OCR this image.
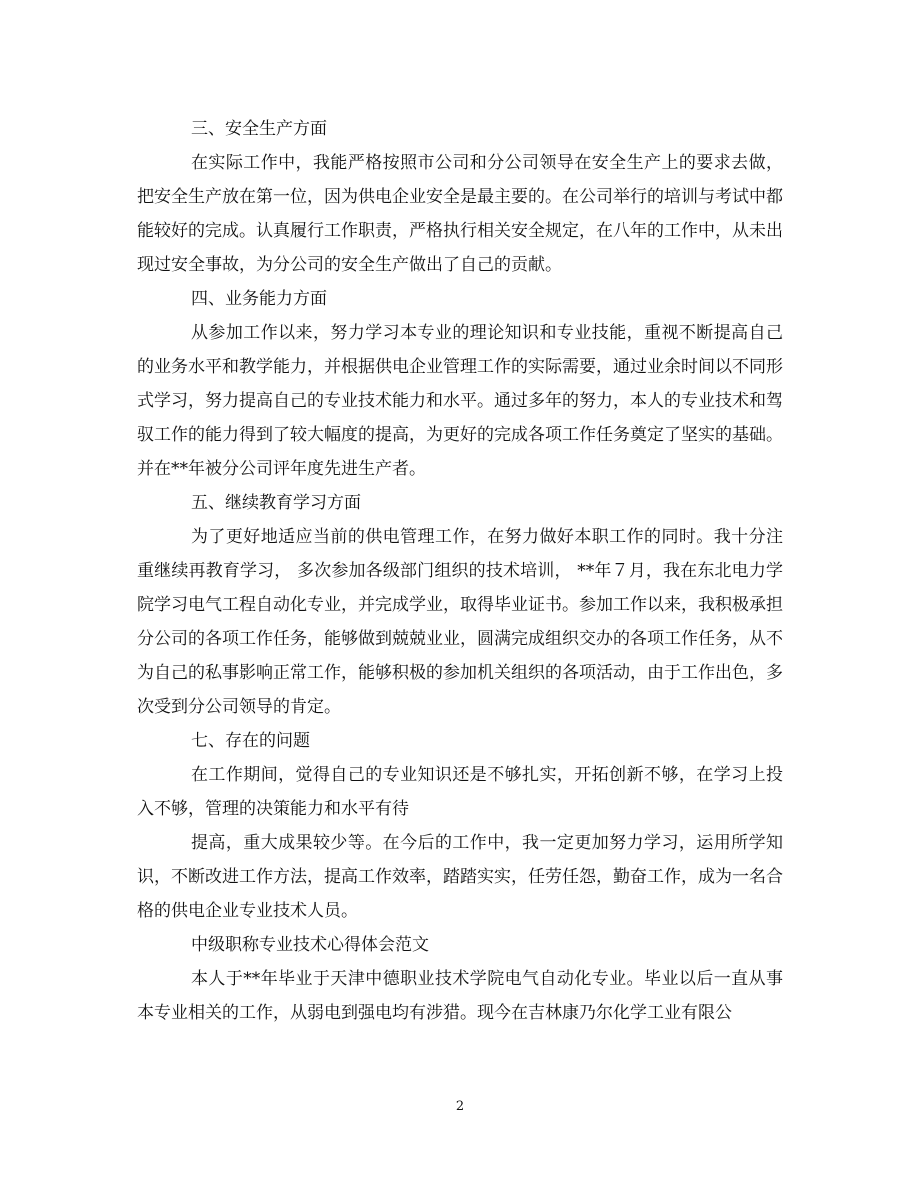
三、安全生产方面

在实际工作中，我能严格按照市公司和分公司领导在安全生产上的要求去做，把安全生产放在第一位，因为供电企业安全是最主要的。在公司举行的培训与考试中都能较好的完成。认真履行工作职责，严格执行相关安全规定，在八年的工作中，从未出现过安全事故，为分公司的安全生产做出了自己的贡献。

四、业务能力方面

从参加工作以来，努力学习本专业的理论知识和专业技能，重视不断提高自己的业务水平和教学能力，并根据供电企业管理工作的实际需要，通过业余时间以不同形式学习，努力提高自己的专业技术能力和水平。通过多年的努力，本人的专业技术和驾驭工作的能力得到了较大幅度的提高，为更好的完成各项工作任务奠定了坚实的基础。并在**年被分公司评年度先进生产者。

五、继续教育学习方面

为了更好地适应当前的供电管理工作，在努力做好本职工作的同时。我十分注重继续再教育学习， 多次参加各级部门组织的技术培训， **年７月，我在东北电力学院学习电气工程自动化专业，并完成学业，取得毕业证书。参加工作以来，我积极承担分公司的各项工作任务，能够做到兢兢业业，圆满完成组织交办的各项工作任务，从不为自己的私事影响正常工作，能够积极的参加机关组织的各项活动，由于工作出色，多次受到分公司领导的肯定。

七、存在的问题

在工作期间，觉得自己的专业知识还是不够扎实，开拓创新不够，在学习上投入不够，管理的决策能力和水平有待

提高，重大成果较少等。在今后的工作中，我一定更加努力学习，运用所学知识，不断改进工作方法，提高工作效率，踏踏实实，任劳任怨，勤奋工作，成为一名合格的供电企业专业技术人员。

中级职称专业技术心得体会范文

本人于**年毕业于天津中德职业技术学院电气自动化专业。毕业以后一直从事本专业相关的工作，从弱电到强电均有涉猎。现今在吉林康乃尔化学工业有限公

2
